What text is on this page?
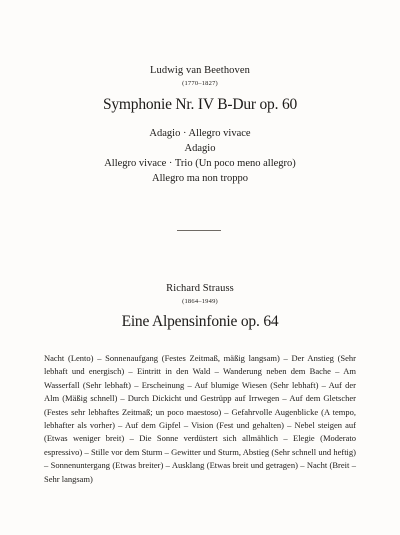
Ludwig van Beethoven
(1770–1827)
Symphonie Nr. IV B-Dur op. 60
Adagio · Allegro vivace
Adagio
Allegro vivace · Trio (Un poco meno allegro)
Allegro ma non troppo
Richard Strauss
(1864–1949)
Eine Alpensinfonie op. 64
Nacht (Lento) – Sonnenaufgang (Festes Zeitmaß, mäßig langsam) – Der Anstieg (Sehr lebhaft und energisch) – Eintritt in den Wald – Wanderung neben dem Bache – Am Wasserfall (Sehr lebhaft) – Erscheinung – Auf blumige Wiesen (Sehr lebhaft) – Auf der Alm (Mäßig schnell) – Durch Dickicht und Gestrüpp auf Irrwegen – Auf dem Gletscher (Festes sehr lebhaftes Zeitmaß; un poco maestoso) – Gefahrvolle Augenblicke (A tempo, lebhafter als vorher) – Auf dem Gipfel – Vision (Fest und gehalten) – Nebel steigen auf (Etwas weniger breit) – Die Sonne verdüstert sich allmählich – Elegie (Moderato espressivo) – Stille vor dem Sturm – Gewitter und Sturm, Abstieg (Sehr schnell und heftig) – Sonnenuntergang (Etwas breiter) – Ausklang (Etwas breit und getragen) – Nacht (Breit – Sehr langsam)
